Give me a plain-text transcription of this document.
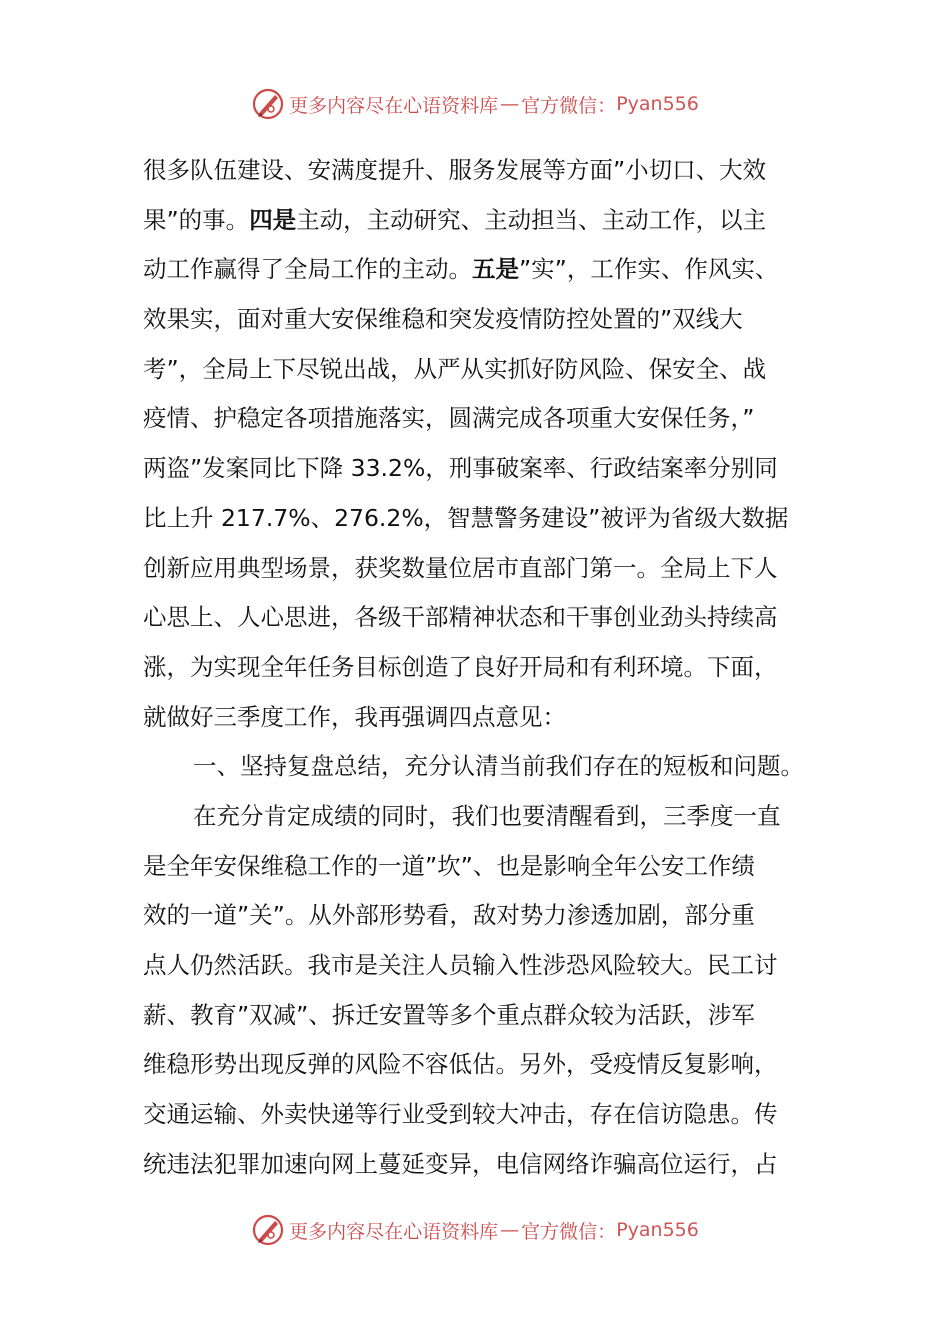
更多内容尽在心语资料库 — 官方微信： Pyan556
很多队伍建设、安满度提升、服务发展等方面”小切口、大效
果”的事。四是主动，主动研究、主动担当、主动工作，以主
动工作赢得了全局工作的主动。五是”实”，工作实、作风实、
效果实，面对重大安保维稳和突发疫情防控处置的”双线大
考”，全局上下尽锐出战，从严从实抓好防风险、保安全、战
疫情、护稳定各项措施落实，圆满完成各项重大安保任务，”
两盗”发案同比下降 33.2%，刑事破案率、行政结案率分别同
比上升 217.7%、276.2%，智慧警务建设”被评为省级大数据
创新应用典型场景，获奖数量位居市直部门第一。全局上下人
心思上、人心思进，各级干部精神状态和干事创业劲头持续高
涨，为实现全年任务目标创造了良好开局和有利环境。下面，
就做好三季度工作，我再强调四点意见：
一、坚持复盘总结，充分认清当前我们存在的短板和问题。
在充分肯定成绩的同时，我们也要清醒看到，三季度一直
是全年安保维稳工作的一道”坎”、也是影响全年公安工作绩
效的一道”关”。从外部形势看，敌对势力渗透加剧，部分重
点人仍然活跃。我市是关注人员输入性涉恐风险较大。民工讨
薪、教育”双减”、拆迁安置等多个重点群众较为活跃，涉军
维稳形势出现反弹的风险不容低估。另外，受疫情反复影响，
交通运输、外卖快递等行业受到较大冲击，存在信访隐患。传
统违法犯罪加速向网上蔓延变异，电信网络诈骗高位运行，占
更多内容尽在心语资料库 — 官方微信： Pyan556
